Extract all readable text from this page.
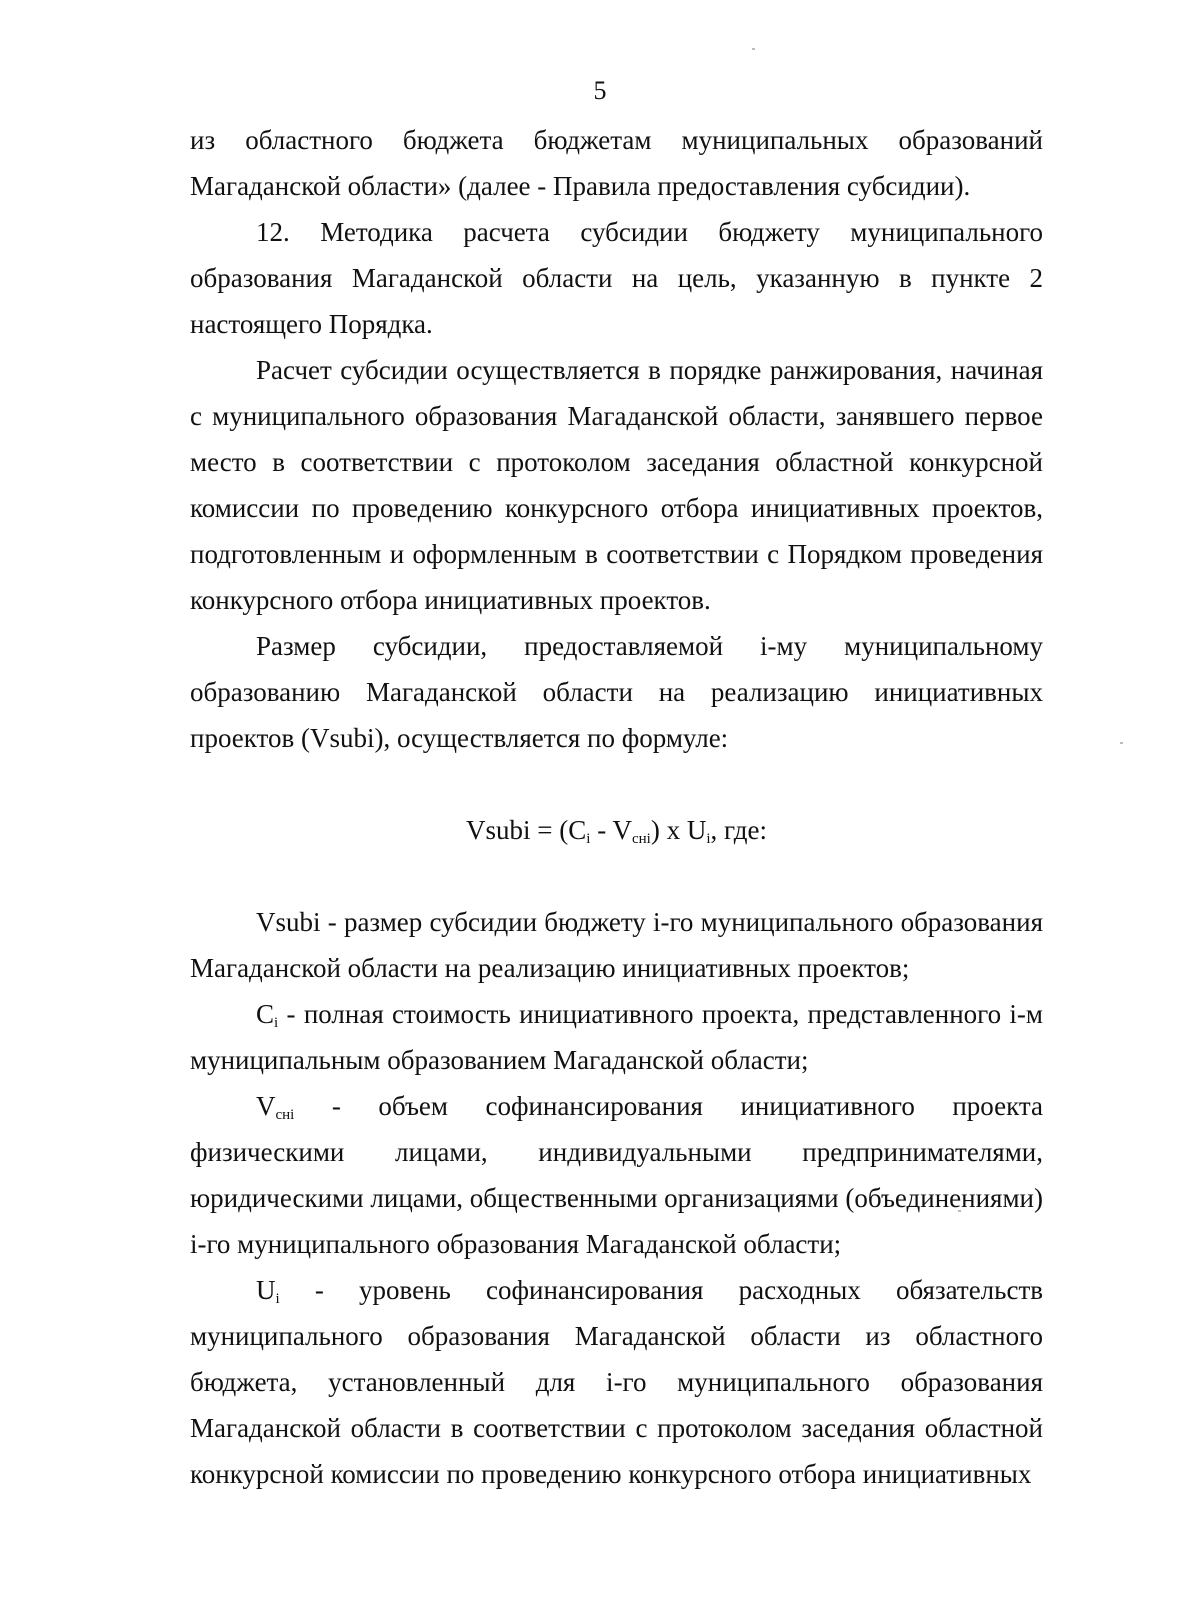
5

из областного бюджета бюджетам муниципальных образований Магаданской области» (далее - Правила предоставления субсидии).

12. Методика расчета субсидии бюджету муниципального образования Магаданской области на цель, указанную в пункте 2 настоящего Порядка.

Расчет субсидии осуществляется в порядке ранжирования, начиная с муниципального образования Магаданской области, занявшего первое место в соответствии с протоколом заседания областной конкурсной комиссии по проведению конкурсного отбора инициативных проектов, подготовленным и оформленным в соответствии с Порядком проведения конкурсного отбора инициативных проектов.

Размер субсидии, предоставляемой i-му муниципальному образованию Магаданской области на реализацию инициативных проектов (Vsubi), осуществляется по формуле:

Vsubi = $(C_i - V_{снi})$ x $U_i$, где:

Vsubi - размер субсидии бюджету i-го муниципального образования Магаданской области на реализацию инициативных проектов;

$C_i$ - полная стоимость инициативного проекта, представленного i-м муниципальным образованием Магаданской области;

$V_{снi}$ - объем софинансирования инициативного проекта физическими лицами, индивидуальными предпринимателями, юридическими лицами, общественными организациями (объединениями) i-го муниципального образования Магаданской области;

$U_i$ - уровень софинансирования расходных обязательств муниципального образования Магаданской области из областного бюджета, установленный для i-го муниципального образования Магаданской области в соответствии с протоколом заседания областной конкурсной комиссии по проведению конкурсного отбора инициативных
